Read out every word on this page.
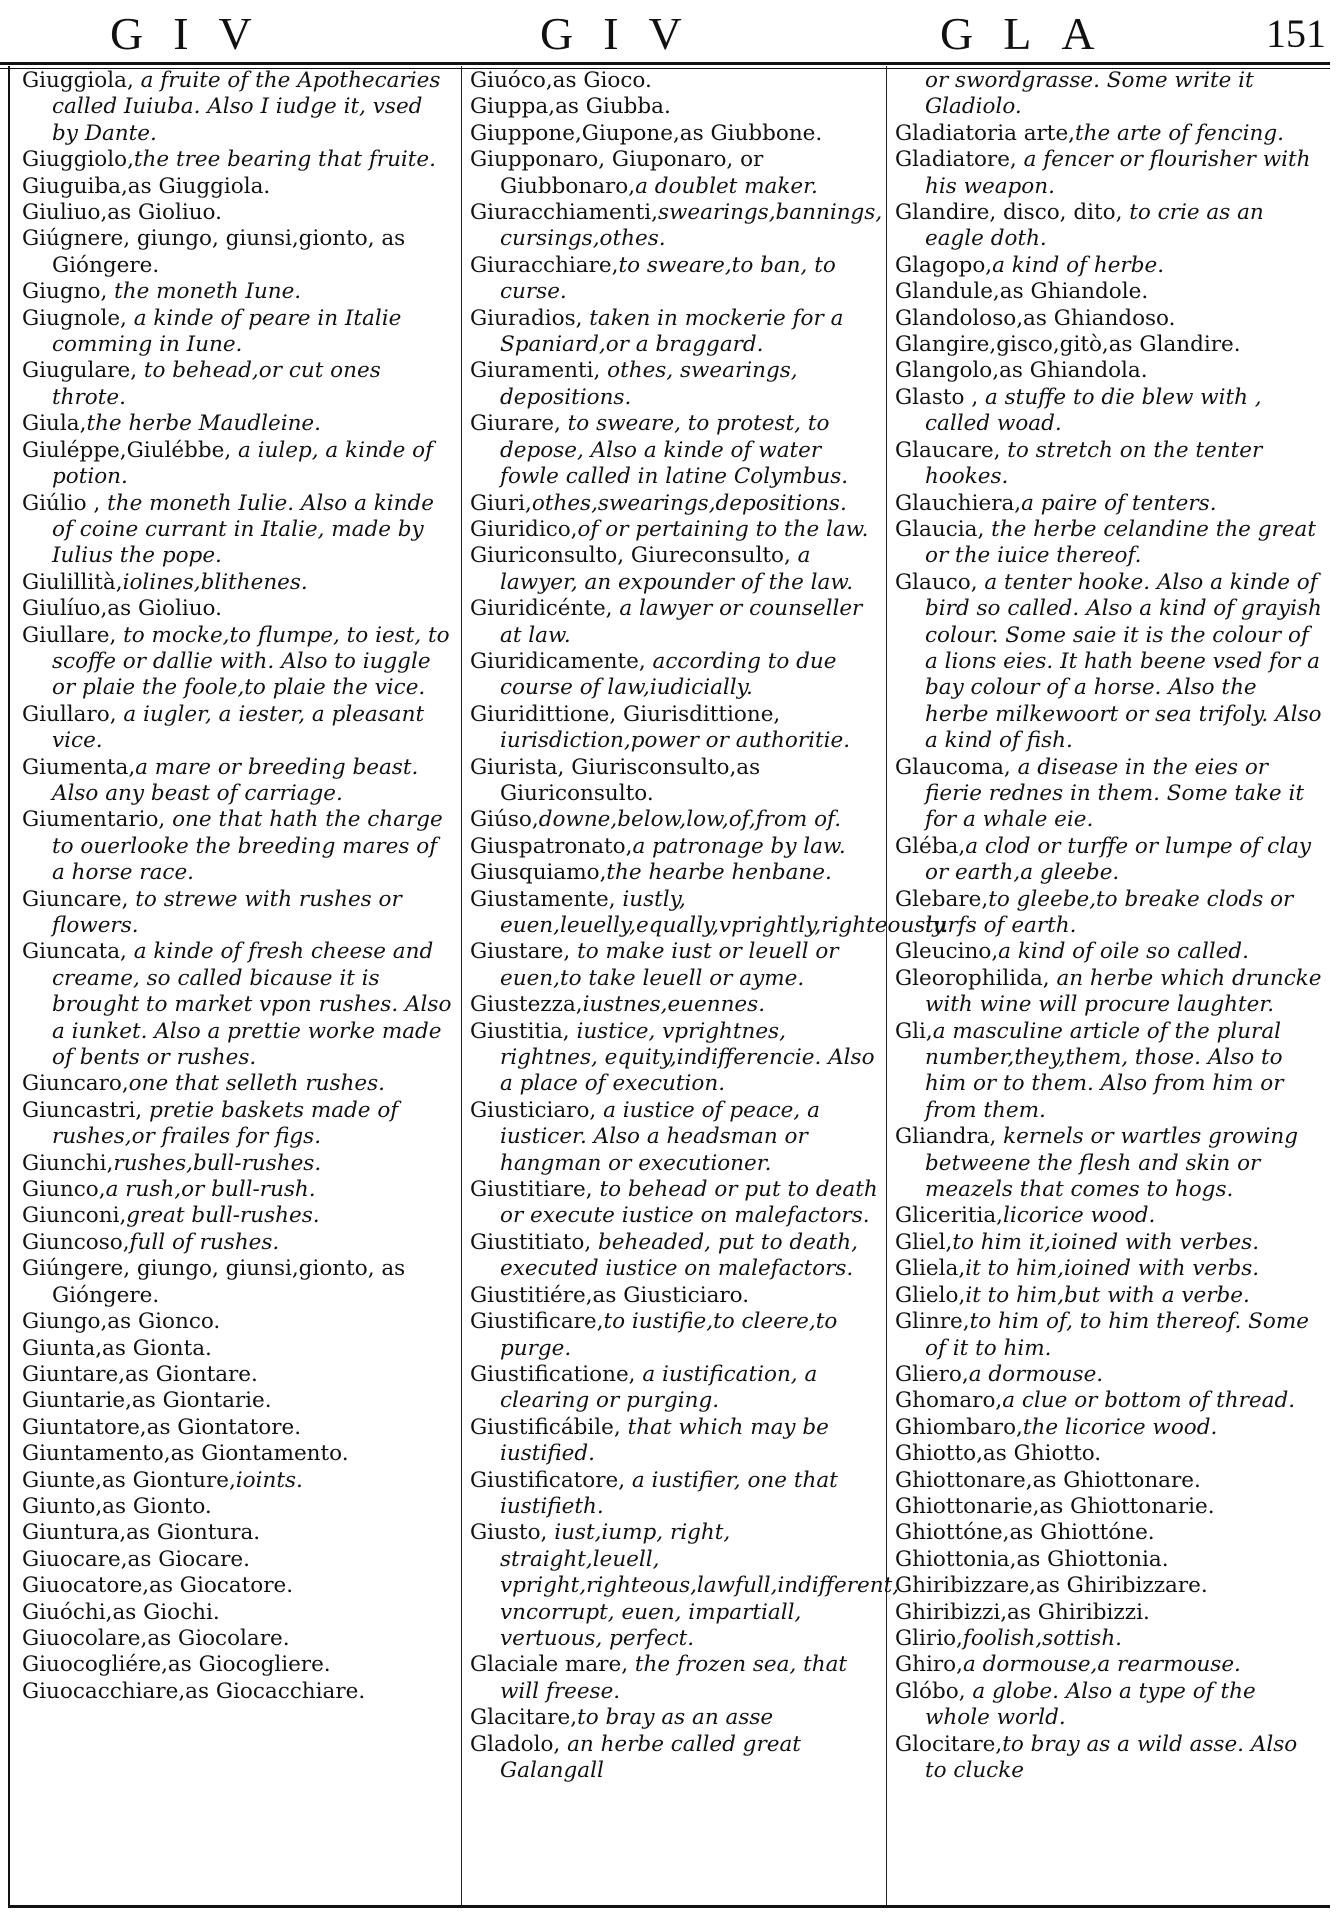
GIV	GIV	GLA	151

Giuggiola, a fruite of the Apothecaries called Iuiuba. Also I iudge it, vsed by Dante.

Giuggiolo,the tree bearing that fruite.

Giuguiba,as Giuggiola.

Giuliuo,as Gioliuo.

Giúgnere, giungo, giunsi,gionto, as Gióngere.

Giugno, the moneth Iune.

Giugnole, a kinde of peare in Italie comming in Iune.

Giugulare, to behead,or cut ones throte.

Giula,the herbe Maudleine.

Giuléppe,Giulébbe, a iulep, a kinde of potion.

Giúlio , the moneth Iulie. Also a kinde of coine currant in Italie, made by Iulius the pope.

Giulillità,iolines,blithenes.

Giulíuo,as Gioliuo.

Giullare, to mocke,to flumpe, to iest, to scoffe or dallie with. Also to iuggle or plaie the foole,to plaie the vice.

Giullaro, a iugler, a iester, a pleasant vice.

Giumenta,a mare or breeding beast. Also any beast of carriage.

Giumentario, one that hath the charge to ouerlooke the breeding mares of a horse race.

Giuncare, to strewe with rushes or flowers.

Giuncata, a kinde of fresh cheese and creame, so called bicause it is brought to market vpon rushes. Also a iunket. Also a prettie worke made of bents or rushes.

Giuncaro,one that selleth rushes.

Giuncastri, pretie baskets made of rushes,or frailes for figs.

Giunchi,rushes,bull-rushes.

Giunco,a rush,or bull-rush.

Giunconi,great bull-rushes.

Giuncoso,full of rushes.

Giúngere, giungo, giunsi,gionto, as Gióngere.

Giungo,as Gionco.

Giunta,as Gionta.

Giuntare,as Giontare.

Giuntarie,as Giontarie.

Giuntatore,as Giontatore.

Giuntamento,as Giontamento.

Giunte,as Gionture,ioints.

Giunto,as Gionto.

Giuntura,as Giontura.

Giuocare,as Giocare.

Giuocatore,as Giocatore.

Giuóchi,as Giochi.

Giuocolare,as Giocolare.

Giuocogliére,as Giocogliere.

Giuocacchiare,as Giocacchiare.

Giuóco,as Gioco.

Giuppa,as Giubba.

Giuppone,Giupone,as Giubbone.

Giupponaro, Giuponaro, or Giubbonaro,a doublet maker.

Giuracchiamenti,swearings,bannings, cursings,othes.

Giuracchiare,to sweare,to ban, to curse.

Giuradios, taken in mockerie for a Spaniard,or a braggard.

Giuramenti, othes, swearings, depositions.

Giurare, to sweare, to protest, to depose, Also a kinde of water fowle called in latine Colymbus.

Giuri,othes,swearings,depositions.

Giuridico,of or pertaining to the law.

Giuriconsulto, Giureconsulto, a lawyer, an expounder of the law.

Giuridicénte, a lawyer or counseller at law.

Giuridicamente, according to due course of law,iudicially.

Giuridittione, Giurisdittione, iurisdiction,power or authoritie.

Giurista, Giurisconsulto,as Giuriconsulto.

Giúso,downe,below,low,of,from of.

Giuspatronato,a patronage by law.

Giusquiamo,the hearbe henbane.

Giustamente, iustly, euen,leuelly,equally,vprightly,righteously.

Giustare, to make iust or leuell or euen,to take leuell or ayme.

Giustezza,iustnes,euennes.

Giustitia, iustice, vprightnes, rightnes, equity,indifferencie. Also a place of execution.

Giusticiaro, a iustice of peace, a iusticer. Also a headsman or hangman or executioner.

Giustitiare, to behead or put to death or execute iustice on malefactors.

Giustitiato, beheaded, put to death, executed iustice on malefactors.

Giustitiére,as Giusticiaro.

Giustificare,to iustifie,to cleere,to purge.

Giustificatione, a iustification, a clearing or purging.

Giustificábile, that which may be iustified.

Giustificatore, a iustifier, one that iustifieth.

Giusto, iust,iump, right, straight,leuell, vpright,righteous,lawfull,indifferent, vncorrupt, euen, impartiall, vertuous, perfect.

Glaciale mare, the frozen sea, that will freese.

Glacitare,to bray as an asse

Gladolo, an herbe called great Galangall

or swordgrasse. Some write it Gladiolo.

Gladiatoria arte,the arte of fencing.

Gladiatore, a fencer or flourisher with his weapon.

Glandire, disco, dito, to crie as an eagle doth.

Glagopo,a kind of herbe.

Glandule,as Ghiandole.

Glandoloso,as Ghiandoso.

Glangire,gisco,gitò,as Glandire.

Glangolo,as Ghiandola.

Glasto , a stuffe to die blew with , called woad.

Glaucare, to stretch on the tenter hookes.

Glauchiera,a paire of tenters.

Glaucia, the herbe celandine the great or the iuice thereof.

Glauco, a tenter hooke. Also a kinde of bird so called. Also a kind of grayish colour. Some saie it is the colour of a lions eies. It hath beene vsed for a bay colour of a horse. Also the herbe milkewoort or sea trifoly. Also a kind of fish.

Glaucoma, a disease in the eies or fierie rednes in them. Some take it for a whale eie.

Gléba,a clod or turffe or lumpe of clay or earth,a gleebe.

Glebare,to gleebe,to breake clods or turfs of earth.

Gleucino,a kind of oile so called.

Gleorophilida, an herbe which druncke with wine will procure laughter.

Gli,a masculine article of the plural number,they,them, those. Also to him or to them. Also from him or from them.

Gliandra, kernels or wartles growing betweene the flesh and skin or meazels that comes to hogs.

Gliceritia,licorice wood.

Gliel,to him it,ioined with verbes.

Gliela,it to him,ioined with verbs.

Glielo,it to him,but with a verbe.

Glinre,to him of, to him thereof. Some of it to him.

Gliero,a dormouse.

Ghomaro,a clue or bottom of thread.

Ghiombaro,the licorice wood.

Ghiotto,as Ghiotto.

Ghiottonare,as Ghiottonare.

Ghiottonarie,as Ghiottonarie.

Ghiottóne,as Ghiottóne.

Ghiottonia,as Ghiottonia.

Ghiribizzare,as Ghiribizzare.

Ghiribizzi,as Ghiribizzi.

Glirio,foolish,sottish.

Ghiro,a dormouse,a rearmouse.

Glóbo, a globe. Also a type of the whole world.

Glocitare,to bray as a wild asse. Also to clucke
